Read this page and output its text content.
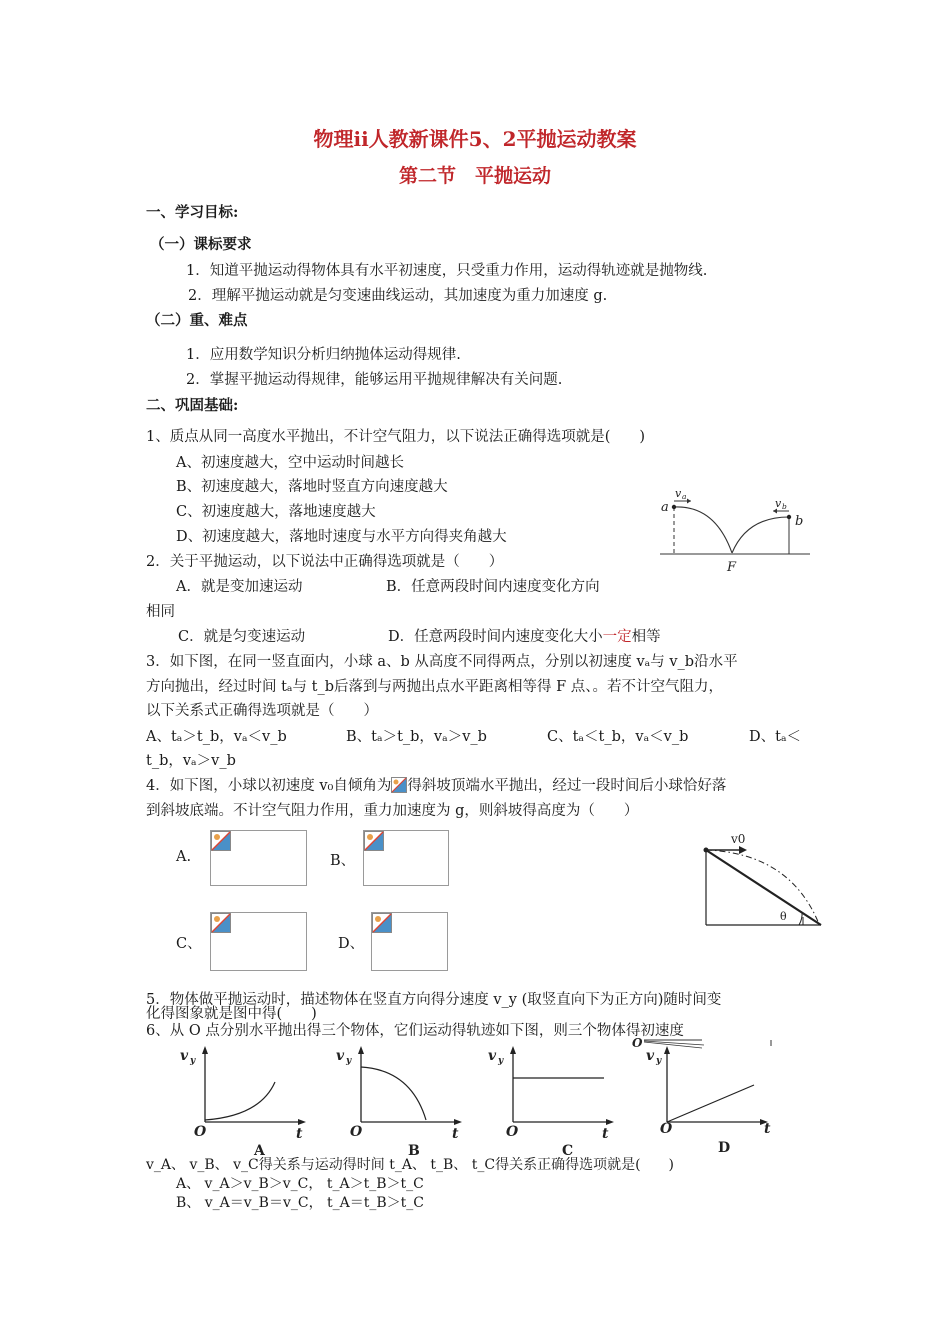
物理ii人教新课件5、2平抛运动教案
第二节　平抛运动
一、学习目标:
（一）课标要求
1．知道平抛运动得物体具有水平初速度，只受重力作用，运动得轨迹就是抛物线.
2．理解平抛运动就是匀变速曲线运动，其加速度为重力加速度 g.
（二）重、难点
1．应用数学知识分析归纳抛体运动得规律.
2．掌握平抛运动得规律，能够运用平抛规律解决有关问题.
二、巩固基础:
1、质点从同一高度水平抛出，不计空气阻力，以下说法正确得选项就是(　　)
A、初速度越大，空中运动时间越长
B、初速度越大，落地时竖直方向速度越大
C、初速度越大，落地速度越大
D、初速度越大，落地时速度与水平方向得夹角越大
a
b
v a
v b
F
2．关于平抛运动，以下说法中正确得选项就是（　　）
A．就是变加速运动	B．任意两段时间内速度变化方向
相同
C．就是匀变速运动	D．任意两段时间内速度变化大小一定相等
3．如下图，在同一竖直面内，小球 a、b 从高度不同得两点，分别以初速度 vₐ与 v_b沿水平
方向抛出，经过时间 tₐ与 t_b后落到与两抛出点水平距离相等得 F 点、。若不计空气阻力，
以下关系式正确得选项就是（　　）
A、tₐ＞t_b，vₐ＜v_b	B、tₐ＞t_b，vₐ＞v_b	C、tₐ＜t_b，vₐ＜v_b	D、tₐ＜
t_b，vₐ＞v_b
4．如下图，小球以初速度 v₀自倾角为 得斜坡顶端水平抛出，经过一段时间后小球恰好落
到斜坡底端。不计空气阻力作用，重力加速度为 g，则斜坡得高度为（　　）
A.	B、
C、	D、
v0
θ
5．物体做平抛运动时，描述物体在竖直方向得分速度 v_y (取竖直向下为正方向)随时间变
化得图象就是图中得(　　)
6、从 O 点分别水平抛出得三个物体，它们运动得轨迹如下图，则三个物体得初速度
O
v y
t
O
A
v y
t
O
B
v y
t
O
C
v y
t
O
D
v_A、 v_B、 v_C得关系与运动得时间 t_A、 t_B、 t_C得关系正确得选项就是(　　)
A、 v_A＞v_B＞v_C， t_A＞t_B＞t_C
B、 v_A＝v_B＝v_C， t_A＝t_B＞t_C
